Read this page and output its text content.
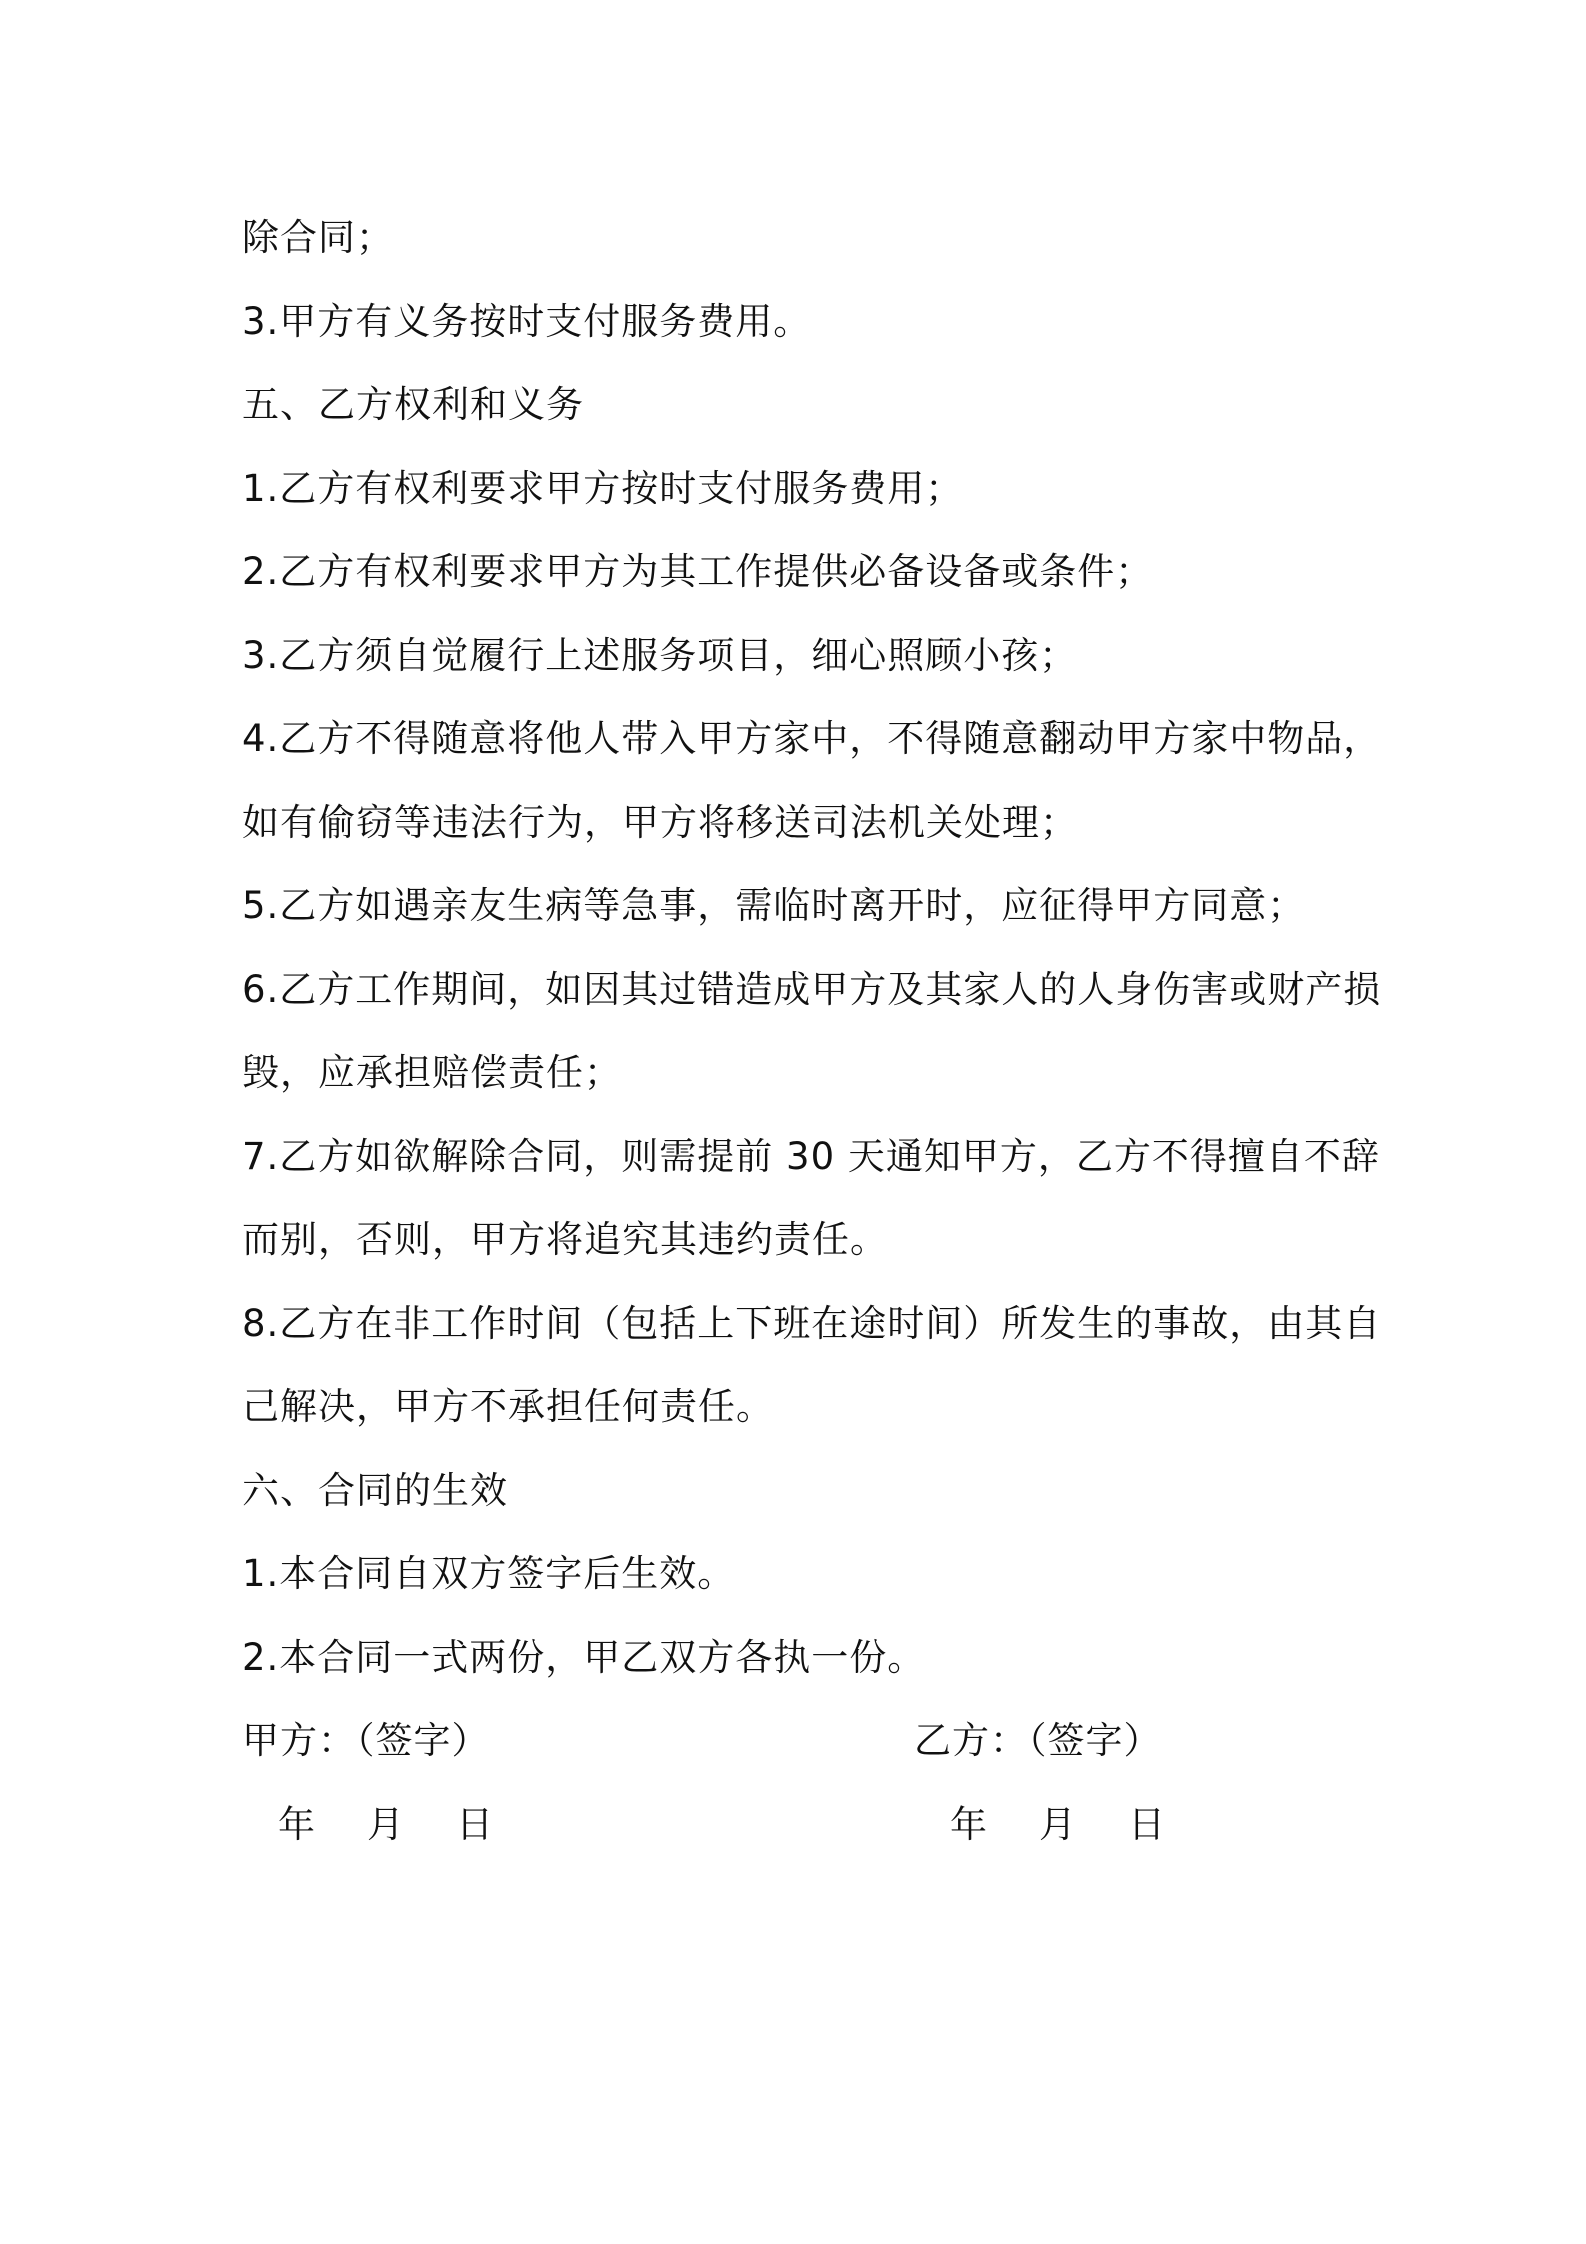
除合同；
3.甲方有义务按时支付服务费用。
五、乙方权利和义务
1.乙方有权利要求甲方按时支付服务费用；
2.乙方有权利要求甲方为其工作提供必备设备或条件；
3.乙方须自觉履行上述服务项目，细心照顾小孩；
4.乙方不得随意将他人带入甲方家中，不得随意翻动甲方家中物品，
如有偷窃等违法行为，甲方将移送司法机关处理；
5.乙方如遇亲友生病等急事，需临时离开时，应征得甲方同意；
6.乙方工作期间，如因其过错造成甲方及其家人的人身伤害或财产损
毁，应承担赔偿责任；
7.乙方如欲解除合同，则需提前 30 天通知甲方，乙方不得擅自不辞
而别，否则，甲方将追究其违约责任。
8.乙方在非工作时间（包括上下班在途时间）所发生的事故，由其自
己解决，甲方不承担任何责任。
六、合同的生效
1.本合同自双方签字后生效。
2.本合同一式两份，甲乙双方各执一份。
甲方：（签字）	乙方：（签字）
年    月    日	年    月    日
